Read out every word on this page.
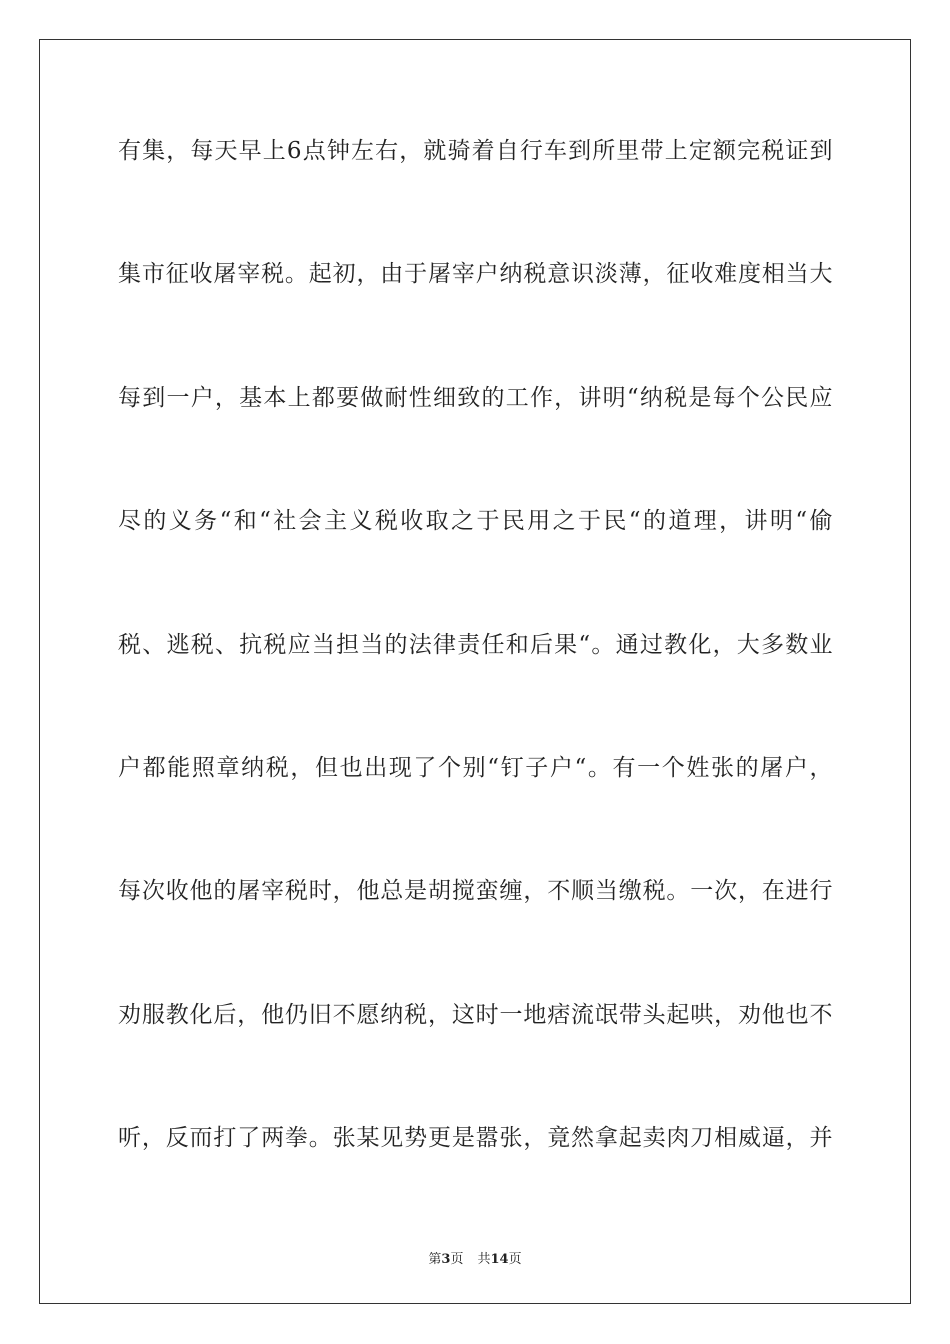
有集，每天早上6点钟左右，就骑着自行车到所里带上定额完税证到
集市征收屠宰税。起初，由于屠宰户纳税意识淡薄，征收难度相当大
每到一户，基本上都要做耐性细致的工作，讲明“纳税是每个公民应
尽的义务“和“社会主义税收取之于民用之于民“的道理，讲明“偷
税、逃税、抗税应当担当的法律责任和后果“。通过教化，大多数业
户都能照章纳税，但也出现了个别“钉子户“。有一个姓张的屠户，
每次收他的屠宰税时，他总是胡搅蛮缠，不顺当缴税。一次，在进行
劝服教化后，他仍旧不愿纳税，这时一地痞流氓带头起哄，劝他也不
听，反而打了两拳。张某见势更是嚣张，竟然拿起卖肉刀相威逼，并
第3页 共14页
